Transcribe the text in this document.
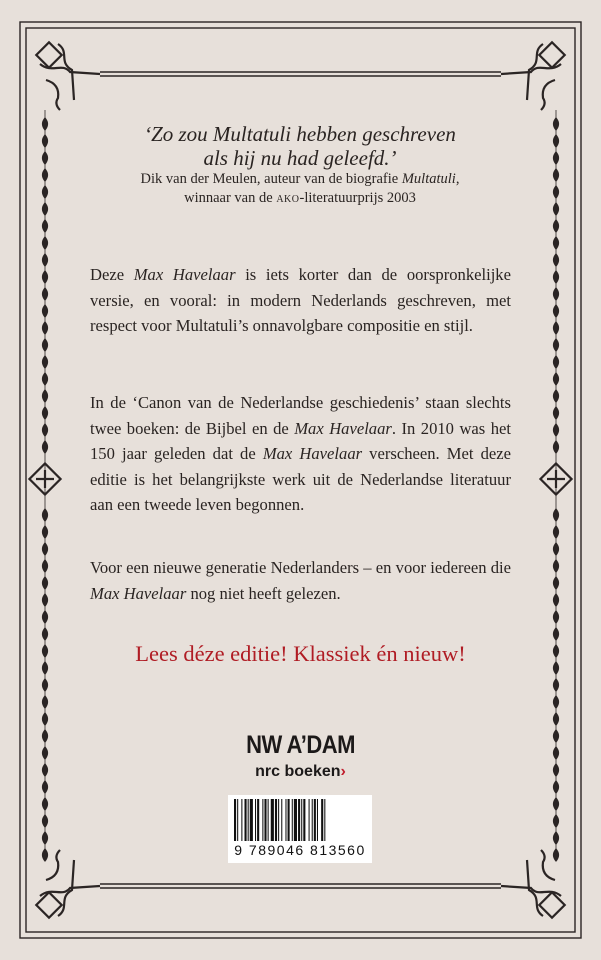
‘Zo zou Multatuli hebben geschreven
als hij nu had geleefd.’
Dik van der Meulen, auteur van de biografie Multatuli,
winnaar van de ako-literatuurprijs 2003
Deze Max Havelaar is iets korter dan de oorspronkelijke versie, en vooral: in modern Nederlands geschreven, met respect voor Multatuli’s onnavolgbare compositie en stijl.
In de ‘Canon van de Nederlandse geschiedenis’ staan slechts twee boeken: de Bijbel en de Max Havelaar. In 2010 was het 150 jaar geleden dat de Max Havelaar verscheen. Met deze editie is het belangrijkste werk uit de Nederlandse literatuur aan een tweede leven begonnen.
Voor een nieuwe generatie Nederlanders – en voor iedereen die Max Havelaar nog niet heeft gelezen.
Lees déze editie! Klassiek én nieuw!
NW A’DAM
nrc boeken›
9 789046 813560
